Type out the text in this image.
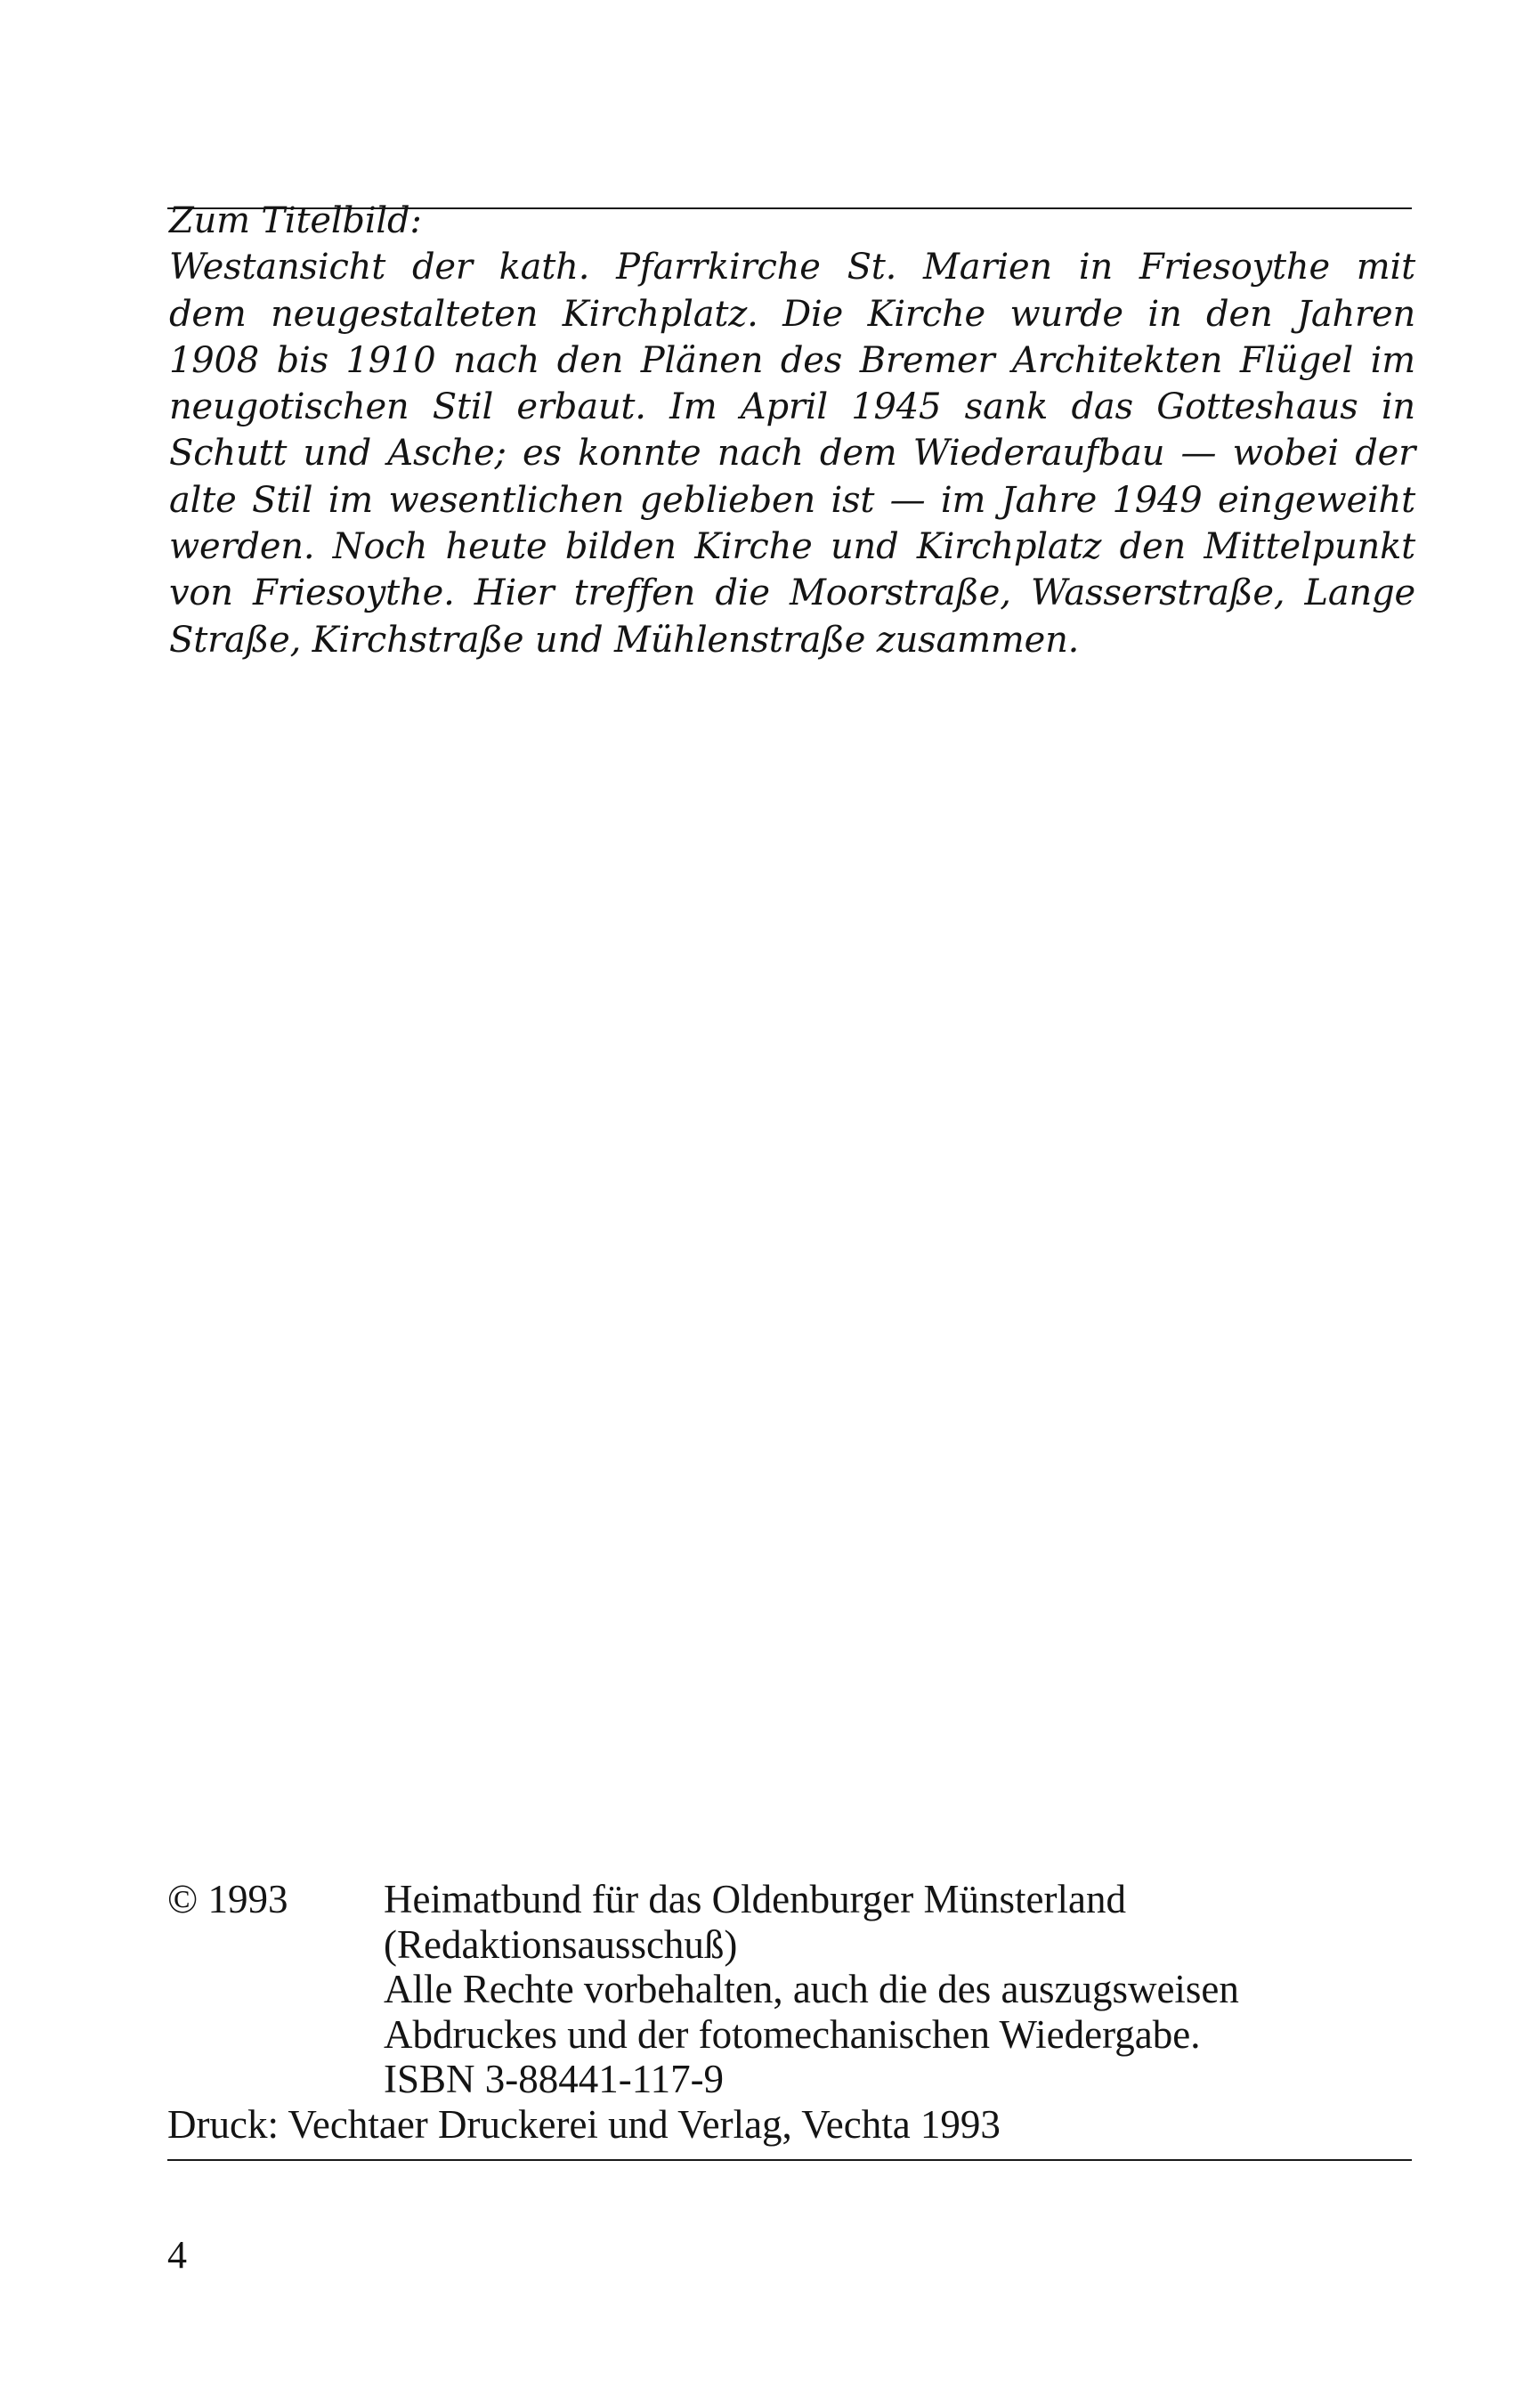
Zum Titelbild:
Westansicht der kath. Pfarrkirche St. Marien in Friesoythe mit
dem neugestalteten Kirchplatz. Die Kirche wurde in den Jahren
1908 bis 1910 nach den Plänen des Bremer Architekten Flügel im
neugotischen Stil erbaut. Im April 1945 sank das Gotteshaus in
Schutt und Asche; es konnte nach dem Wiederaufbau — wobei der
alte Stil im wesentlichen geblieben ist — im Jahre 1949 eingeweiht
werden. Noch heute bilden Kirche und Kirchplatz den Mittelpunkt
von Friesoythe. Hier treffen die Moorstraße, Wasserstraße, Lange
Straße, Kirchstraße und Mühlenstraße zusammen.
© 1993 Heimatbund für das Oldenburger Münsterland
(Redaktionsausschuß)
Alle Rechte vorbehalten, auch die des auszugsweisen
Abdruckes und der fotomechanischen Wiedergabe.
ISBN 3-88441-117-9
Druck: Vechtaer Druckerei und Verlag, Vechta 1993
4
